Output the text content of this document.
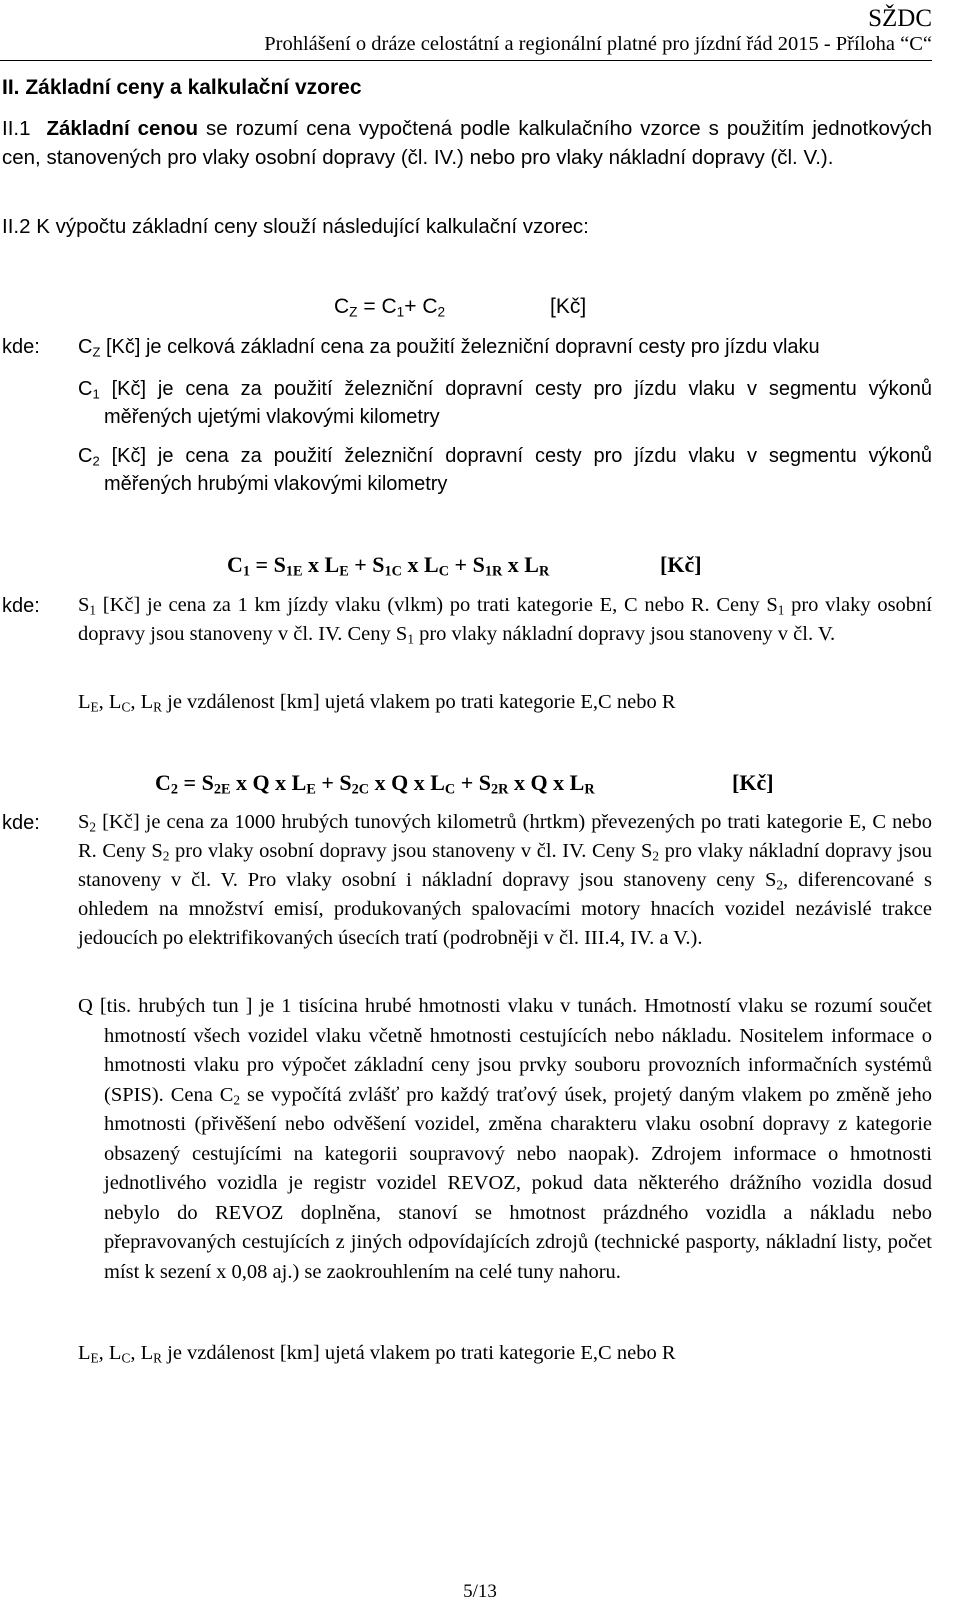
SŽDC
Prohlášení o dráze celostátní a regionální platné pro jízdní řád 2015 - Příloha “C“
II. Základní ceny a kalkulační vzorec
II.1 Základní cenou se rozumí cena vypočtená podle kalkulačního vzorce s použitím jednotkových cen, stanovených pro vlaky osobní dopravy (čl. IV.) nebo pro vlaky nákladní dopravy (čl. V.).
II.2 K výpočtu základní ceny slouží následující kalkulační vzorec:
$C_Z = C_1+ C_2$	[Kč]
kde: $C_Z$ [Kč] je celková základní cena za použití železniční dopravní cesty pro jízdu vlaku
$C_1$ [Kč] je cena za použití železniční dopravní cesty pro jízdu vlaku v segmentu výkonů měřených ujetými vlakovými kilometry
$C_2$ [Kč] je cena za použití železniční dopravní cesty pro jízdu vlaku v segmentu výkonů měřených hrubými vlakovými kilometry
$C_1 = S_{1E}$ x $L_E + S_{1C}$ x $L_C + S_{1R}$ x $L_R$	[Kč]
kde: $S_1$ [Kč] je cena za 1 km jízdy vlaku (vlkm) po trati kategorie E, C nebo R. Ceny $S_1$ pro vlaky osobní dopravy jsou stanoveny v čl. IV. Ceny $S_1$ pro vlaky nákladní dopravy jsou stanoveny v čl. V.
$L_E$, $L_C$, $L_R$ je vzdálenost [km] ujetá vlakem po trati kategorie E,C nebo R
$C_2 = S_{2E}$ x Q x $L_E + S_{2C}$ x Q x $L_C + S_{2R}$ x Q x $L_R$	[Kč]
kde: $S_2$ [Kč] je cena za 1000 hrubých tunových kilometrů (hrtkm) převezených po trati kategorie E, C nebo R. Ceny $S_2$ pro vlaky osobní dopravy jsou stanoveny v čl. IV. Ceny $S_2$ pro vlaky nákladní dopravy jsou stanoveny v čl. V. Pro vlaky osobní i nákladní dopravy jsou stanoveny ceny $S_2$, diferencované s ohledem na množství emisí, produkovaných spalovacími motory hnacích vozidel nezávislé trakce jedoucích po elektrifikovaných úsecích tratí (podrobněji v čl. III.4, IV. a V.).
Q [tis. hrubých tun ] je 1 tisícina hrubé hmotnosti vlaku v tunách. Hmotností vlaku se rozumí součet hmotností všech vozidel vlaku včetně hmotnosti cestujících nebo nákladu. Nositelem informace o hmotnosti vlaku pro výpočet základní ceny jsou prvky souboru provozních informačních systémů (SPIS). Cena $C_2$ se vypočítá zvlášť pro každý traťový úsek, projetý daným vlakem po změně jeho hmotnosti (přivěšení nebo odvěšení vozidel, změna charakteru vlaku osobní dopravy z kategorie obsazený cestujícími na kategorii soupravový nebo naopak). Zdrojem informace o hmotnosti jednotlivého vozidla je registr vozidel REVOZ, pokud data některého drážního vozidla dosud nebylo do REVOZ doplněna, stanoví se hmotnost prázdného vozidla a nákladu nebo přepravovaných cestujících z jiných odpovídajících zdrojů (technické pasporty, nákladní listy, počet míst k sezení x 0,08 aj.) se zaokrouhlením na celé tuny nahoru.
$L_E$, $L_C$, $L_R$ je vzdálenost [km] ujetá vlakem po trati kategorie E,C nebo R
5/13
